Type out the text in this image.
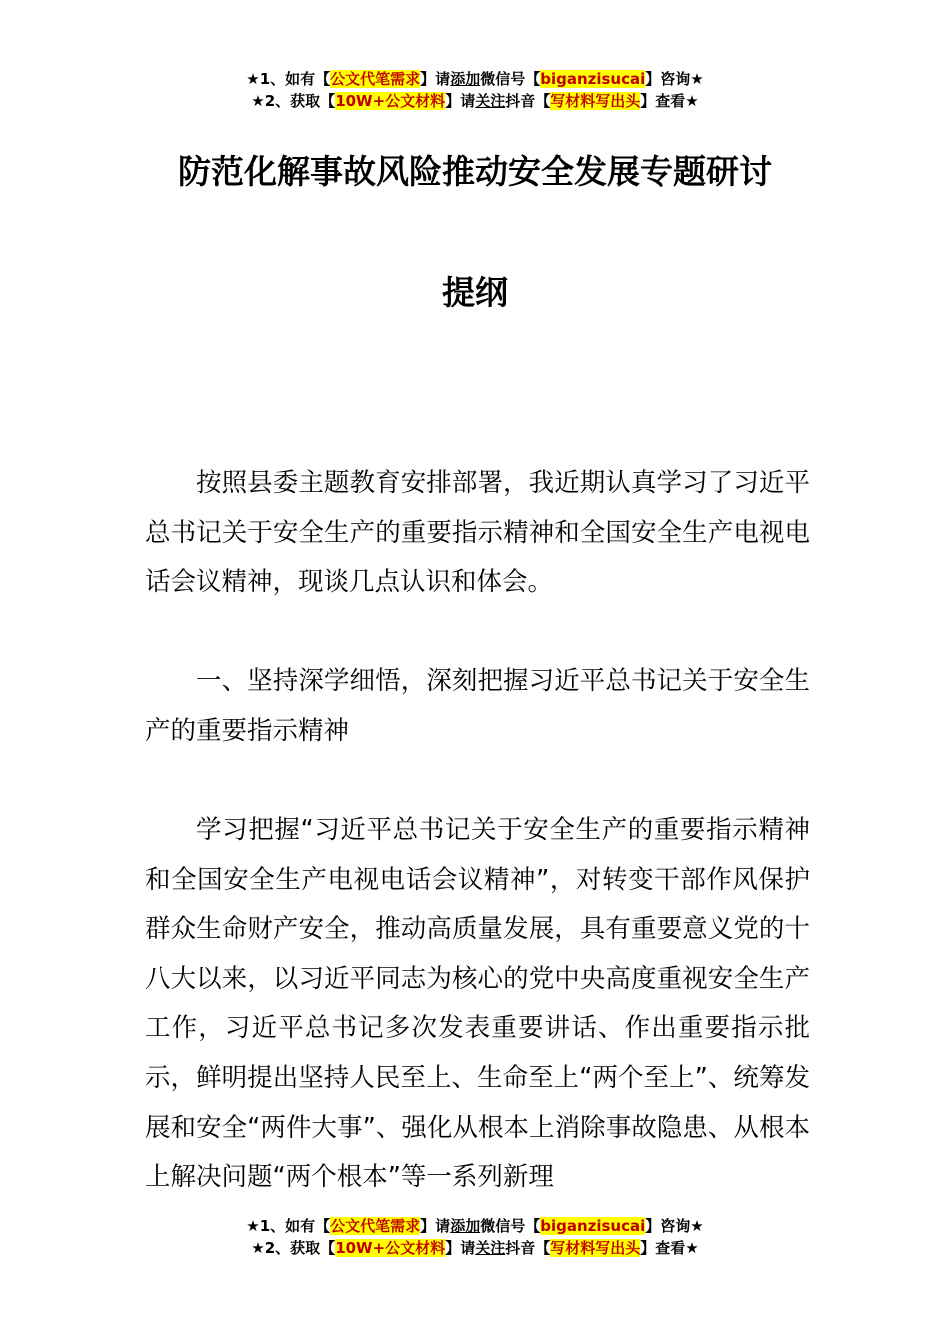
★1、如有【公文代笔需求】请添加微信号【biganzisucai】咨询★
★2、获取【10W+公文材料】请关注抖音【写材料写出头】查看★
防范化解事故风险推动安全发展专题研讨
提纲

按照县委主题教育安排部署，我近期认真学习了习近平总书记关于安全生产的重要指示精神和全国安全生产电视电话会议精神，现谈几点认识和体会。

一、坚持深学细悟，深刻把握习近平总书记关于安全生产的重要指示精神

学习把握“习近平总书记关于安全生产的重要指示精神和全国安全生产电视电话会议精神”，对转变干部作风保护群众生命财产安全，推动高质量发展，具有重要意义党的十八大以来，以习近平同志为核心的党中央高度重视安全生产工作，习近平总书记多次发表重要讲话、作出重要指示批示，鲜明提出坚持人民至上、生命至上“两个至上”、统筹发展和安全“两件大事”、强化从根本上消除事故隐患、从根本上解决问题“两个根本”等一系列新理

★1、如有【公文代笔需求】请添加微信号【biganzisucai】咨询★
★2、获取【10W+公文材料】请关注抖音【写材料写出头】查看★
